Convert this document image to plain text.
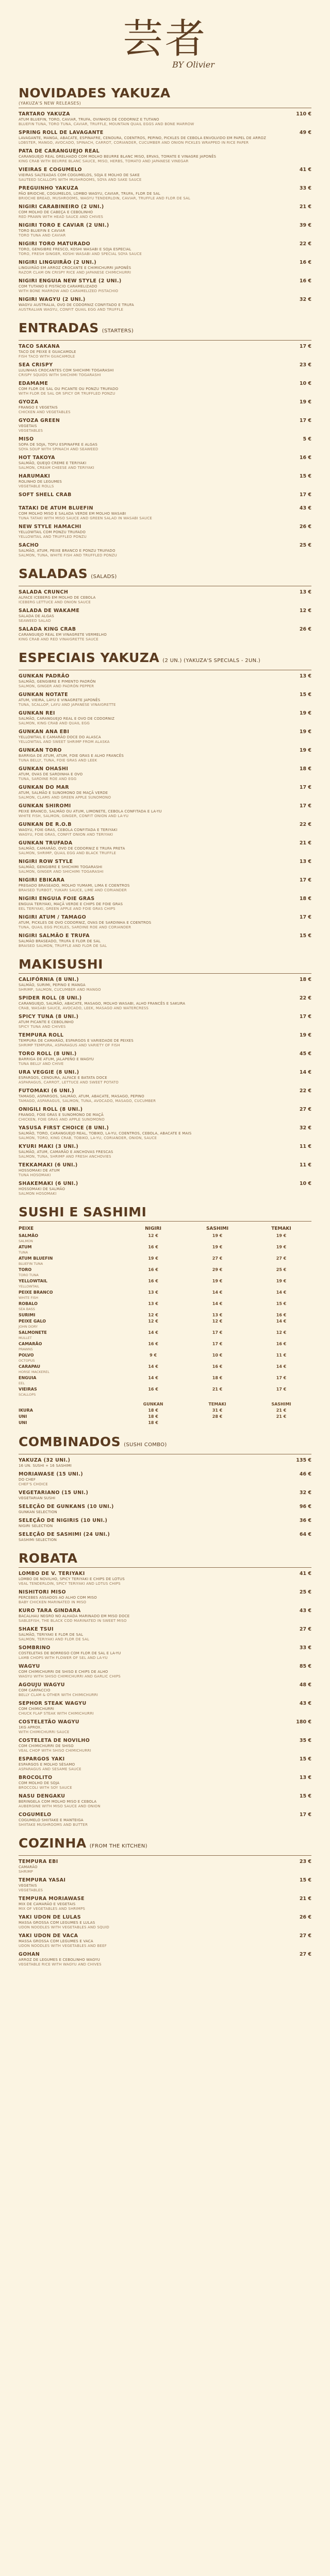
芸者
BY Olivier
NOVIDADES YAKUZA
(YAKUZA'S NEW RELEASES)
TARTARO YAKUZA
ATUM BLUEFIN, TORO, CAVIAR, TRUFA, OVINHOS DE CODORNIZ E TUTANO
BLUEFIN TUNA, TORO TUNA, CAVIAR, TRUFFLE, MOUNTAIN QUAIL EGGS AND BONE MARROW
110 €
SPRING ROLL DE LAVAGANTE
LAVAGANTE, MANGA, ABACATE, ESPINAFRE, CENOURA, COENTROS, PEPINO, PICKLES DE CEBOLA ENVOLVIDO EM PAPEL DE ARROZ
LOBSTER, MANGO, AVOCADO, SPINACH, CARROT, CORIANDER, CUCUMBER AND ONION PICKLES WRAPPED IN RICE PAPER
49 €
PATA DE CARANGUEJO REAL
CARANGUEJO REAL GRELHADO COM MOLHO BEURRE BLANC MISO, ERVAS, TOMATE E VINAGRE JAPONÊS
KING CRAB WITH BEURRE BLANC SAUCE, MISO, HERBS, TOMATO AND JAPANESE VINEGAR
VIEIRAS E COGUMELO
VIEIRAS SALTEADAS COM COGUMELOS, SOJA E MOLHO DE SAKE
SAUTEED SCALLOPS WITH MUSHROOMS, SOYA AND SAKE SAUCE
41 €
PREGUINHO YAKUZA
PÃO BRIOCHE, COGUMELOS, LOMBO WAGYU, CAVIAR, TRUFA, FLOR DE SAL
BRIOCHE BREAD, MUSHROOMS, WAGYU TENDERLOIN, CAVIAR, TRUFFLE AND FLOR DE SAL
33 €
NIGIRI CARABINEIRO (2 UNI.)
COM MOLHO DE CABEÇA E CEBOLINHO
RED PRAWN WITH HEAD SAUCE AND CHIVES
21 €
NIGIRI TORO E CAVIAR (2 UNI.)
TORO BLUEFIN E CAVIAR
TORO TUNA AND CAVIAR
39 €
NIGIRI TORO MATURADO
TORO, GENGIBRE FRESCO, KOSHI WASABI E SOJA ESPECIAL
TORO, FRESH GINGER, KOSHI WASABI AND SPECIAL SOYA SAUCE
22 €
NIGIRI LINGUIRÃO (2 UNI.)
LINGUIRÃO EM ARROZ CROCANTE E CHIMICHURRI JAPONÊS
RAZOR CLAM ON CRISPY RICE AND JAPANESE CHIMICHURRI
16 €
NIGIRI ENGUIA NEW STYLE (2 UNI.)
COM TUTANO E PISTÁCIO CARAMELIZADO
WITH BONE MARROW AND CARAMELIZED PISTACHIO
16 €
NIGIRI WAGYU (2 UNI.)
WAGYU AUSTRALIA, OVO DE CODORNIZ CONFITADO E TRUFA
AUSTRALIAN WAGYU, CONFIT QUAIL EGG AND TRUFFLE
32 €
ENTRADAS (STARTERS)
TACO SAKANA
TACO DE PEIXE E GUACAMOLE
FISH TACO WITH GUACAMOLE
17 €
SEA CRISPY
LULINHAS CROCANTES COM SHICHIMI TOGARASHI
CRISPY SQUIDS WITH SHICHIMI TOGARASHI
23 €
EDAMAME
COM FLOR DE SAL OU PICANTE OU PONZU TRUFADO
WITH FLOR DE SAL OR SPICY OR TRUFFLED PONZU
10 €
GYOZA
FRANGO E VEGETAIS
CHICKEN AND VEGETABLES
19 €
GYOZA GREEN
VEGETAIS
VEGETABLES
17 €
MISO
SOPA DE SOJA, TOFU ESPINAFRE E ALGAS
SOYA SOUP WITH SPINACH AND SEAWEED
5 €
HOT TAKOYA
SALMÃO, QUEIJO CREME E TERIYAKI
SALMON, CREAM CHEESE AND TERIYAKI
16 €
HARUMAKI
ROLINHO DE LEGUMES
VEGETABLE ROLLS
15 €
SOFT SHELL CRAB	17 €
TATAKI DE ATUM BLUEFIN
COM MOLHO MISO E SALADA VERDE EM MOLHO WASABI
TUNA TATAKI WITH MISO SAUCE AND GREEN SALAD IN WASABI SAUCE
43 €
NEW STYLE HAMACHI
YELLOWTAIL COM PONZU TRUFADO
YELLOWTAIL AND TRUFFLED PONZU
26 €
SACHO
SALMÃO, ATUM, PEIXE BRANCO E PONZU TRUFADO
SALMON, TUNA, WHITE FISH AND TRUFFLED PONZU
25 €
SALADAS (SALADS)
SALADA CRUNCH
ALFACE ICEBERG EM MOLHO DE CEBOLA
ICEBERG LETTUCE AND ONION SAUCE
13 €
SALADA DE WAKAME
SALADA DE ALGAS
SEAWEED SALAD
12 €
SALADA KING CRAB
CARANGUEJO REAL EM VINAGRETE VERMELHO
KING CRAB AND RED VINAIGRETTE SAUCE
26 €
ESPECIAIS YAKUZA (2 UN.) (YAKUZA'S SPECIALS - 2UN.)
GUNKAN PADRÃO
SALMÃO, GENGIBRE E PIMENTO PADRÓN
SALMON, GINGER AND PADRÓN PEPPER
13 €
GUNKAN NOTATE
ATUM, VIEIRA, LAYU E VINAGRETE JAPONÊS
TUNA, SCALLOP, LAYU AND JAPANESE VINAIGRETTE
15 €
GUNKAN REI
SALMÃO, CARANGUEJO REAL E OVO DE CODORNIZ
SALMON, KING CRAB AND QUAIL EGG
19 €
GUNKAN ANA EBI
YELLOWTAIL E CAMARÃO DOCE DO ALASCA
YELLOWTAIL AND SWEET SHRIMP FROM ALASKA
19 €
GUNKAN TORO
BARRIGA DE ATUM, ATUM, FOIE GRAS E ALHO FRANCÊS
TUNA BELLY, TUNA, FOIE GRAS AND LEEK
19 €
GUNKAN OHASHI
ATUM, OVAS DE SARDINHA E OVO
TUNA, SARDINE ROE AND EGG
18 €
GUNKAN DO MAR
ATUM, SALMÃO E SUNOMONO DE MAÇÃ VERDE
SALMON, CLAMS AND GREEN APPLE SUNOMONO
17 €
GUNKAN SHIROMI
PEIXE BRANCO, SALMÃO OU ATUM, LIMONETE, CEBOLA CONFITADA E LA-YU
WHITE FISH, SALMON, GINGER, CONFIT ONION AND LA-YU
17 €
GUNKAN DE R.O.B
WAGYU, FOIE GRAS, CEBOLA CONFITADA E TERIYAKI
WAGYU, FOIE GRAS, CONFIT ONION AND TERIYAKI
22 €
GUNKAN TRUFADA
SALMÃO, CAMARÃO, OVO DE CODORNIZ E TRUFA PRETA
SALMON, SHRIMP, QUAIL EGG AND BLACK TRUFFLE
21 €
NIGIRI ROW STYLE
SALMÃO, GENGIBRE E SHICHIMI TOGARASHI
SALMON, GINGER AND SHICHIMI TOGARASHI
13 €
NIGIRI EBIKARA
PREGADO BRASEADO, MOLHO YUMAMI, LIMA E COENTROS
BRAISED TURBOT, YUKARI SAUCE, LIME AND CORIANDER
17 €
NIGIRI ENGUIA FOIE GRAS
ENGUIA TERIYAKI, MAÇÃ VERDE E CHIPS DE FOIE GRAS
EEL TERIYAKI, GREEN APPLE AND FOIE GRAS CHIPS
18 €
NIGIRI ATUM / TAMAGO
ATUM, PICKLES DE OVO CODORNIZ, OVAS DE SARDINHA E COENTROS
TUNA, QUAIL EGG PICKLES, SARDINE ROE AND CORIANDER
17 €
NIGIRI SALMÃO E TRUFA
SALMÃO BRASEADO, TRUFA E FLOR DE SAL
BRAISED SALMON, TRUFFLE AND FLOR DE SAL
15 €
MAKISUSHI
CALIFÓRNIA (8 UNI.)
SALMÃO, SURIMI, PEPINO E MANGA
SHRIMP, SALMON, CUCUMBER AND MANGO
18 €
SPIDER ROLL (8 UNI.)
CARANGUEJO, SALMÃO, ABACATE, MASAGO, MOLHO WASABI, ALHO FRANCÊS E SAKURA
CRAB, WASABI SAUCE, AVOCADO, LEEK, MASAGO AND WATERCRESS
22 €
SPICY TUNA (8 UNI.)
ATUM PICANTE E CEBOLINHO
SPICY TUNA AND CHIVES
17 €
TEMPURA ROLL
TEMPURA DE CAMARÃO, ESPARGOS E VARIEDADE DE PEIXES
SHRIMP TEMPURA, ASPARAGUS AND VARIETY OF FISH
19 €
TORO ROLL (8 UNI.)
BARRIGA DE ATUM, JALAPEÑO E WAGYU
TUNA BELLY AND CHIVE
45 €
URA VEGGIE (8 UNI.)
ESPARGOS, CENOURA, ALFACE E BATATA DOCE
ASPARAGUS, CARROT, LETTUCE AND SWEET POTATO
14 €
FUTOMAKI (6 UNI.)
TAMAGO, ASPARGOS, SALMÃO, ATUM, ABACATE, MASAGO, PEPINO
TAMAGO, ASPARAGUS, SALMON, TUNA, AVOCADO, MASAGO, CUCUMBER
22 €
ONIGILI ROLL (8 UNI.)
FRANGO, FOIE GRAS E SUNOMONO DE MAÇÃ
CHICKEN, FOIE GRAS AND APPLE SUNOMONO
27 €
YASUSA FIRST CHOICE (8 UNI.)
SALMÃO, TORO, CARANGUEJO REAL, TOBIKO, LA-YU, COENTROS, CEBOLA, ABACATE E MAIS
SALMON, TORO, KING CRAB, TOBIKO, LA-YU, CORIANDER, ONION, SAUCE
32 €
KYURI MAKI (3 UNI.)
SALMÃO, ATUM, CAMARÃO E ANCHOVAS FRESCAS
SALMON, TUNA, SHRIMP AND FRESH ANCHOVIES
11 €
TEKKAMAKI (6 UNI.)
HOSSOMAKI DE ATUM
TUNA HOSOMAKI
11 €
SHAKEMAKI (6 UNI.)
HOSSOMAKI DE SALMÃO
SALMON HOSOMAKI
10 €
SUSHI E SASHIMI
PEIXE	NIGIRI	SASHIMI	TEMAKI

SALMÃO
SALMON	12 €	19 €	19 €

ATUM
TUNA	16 €	19 €	19 €

ATUM BLUEFIN
BLUEFIN TUNA	19 €	27 €	27 €

TORO
TORO TUNA	16 €	29 €	25 €

YELLOWTAIL
YELLOWTAIL	16 €	19 €	19 €

PEIXE BRANCO
WHITE FISH	13 €	14 €	14 €

ROBALO
SEA BASS	13 €	14 €	15 €

SURIMI	12 €	13 €	16 €

PEIXE GALO
JOHN DORY	12 €	12 €	14 €

SALMONETE
MULLET	14 €	17 €	12 €

CAMARÃO
PRAWNS	16 €	17 €	16 €

POLVO
OCTOPUS	9 €	10 €	11 €

CARAPAU
HORSE MACKEREL	14 €	16 €	14 €

ENGUIA
EEL	14 €	18 €	17 €

VIEIRAS
SCALLOPS	16 €	21 €	17 €
	GUNKAN	TEMAKI	SASHIMI
IKURA	18 €	31 €	21 €
UNI	18 €	28 €	21 €
UNI	18 €		
COMBINADOS (SUSHI COMBO)
YAKUZA (32 UNI.)
16 UN. SUSHI + 16 SASHIMI
135 €
MORIAWASE (15 UNI.)
DO CHEF
CHEF'S CHOICE
46 €
VEGETARIANO (15 UNI.)
VEGETARIAN SUSHI
32 €
SELEÇÃO DE GUNKANS (10 UNI.)
GUNKAN SELECTION
96 €
SELEÇÃO DE NIGIRIS (10 UNI.)
NIGIRI SELECTION
36 €
SELEÇÃO DE SASHIMI (24 UNI.)
SASHIMI SELECTION
64 €
ROBATA
LOMBO DE V. TERIYAKI
LOMBO DE NOVILHO, SPICY TERIYAKI E CHIPS DE LOTUS
VEAL TENDERLOIN, SPICY TERIYAKI AND LOTUS CHIPS
41 €
NISHITORI MISO
PERCEBES ASSADOS AO ALHO COM MISO
BABY CHICKEN MARINATED IN MISO
25 €
KURO TARA GINDARA
BACALHAU NEGRO NO ALHADA MARINADO EM MISO DOCE
SABLEFISH, THE BLACK COD MARINATED IN SWEET MISO
43 €
SHAKE TSUI
SALMÃO, TERIYAKI E FLOR DE SAL
SALMON, TERIYAKI AND FLOR DE SAL
27 €
SOMBRINO
COSTELETAS DE BORREGO COM FLOR DE SAL E LA-YU
LAMB CHOPS WITH FLOWER OF SEL AND LA-YU
33 €
WAGYU
COM CHIMICHURRI DE SHISO E CHIPS DE ALHO
WAGYU WITH SHISO CHIMICHURRI AND GARLIC CHIPS
85 €
AGOUJU WAGYU
COM CARPACCIO
BELLY CLAM & OTHER WITH CHIMICHURRI
48 €
SEPHOR STEAK WAGYU
COM CHIMICHURRI
CHUCK FLAP STEAK WITH CHIMICHURRI
43 €
COSTELETÃO WAGYU
1KG APROX.
WITH CHIMICHURRI SAUCE
180 €
COSTELETA DE NOVILHO
COM CHIMICHURRI DE SHISO
VEAL CHOP WITH SHISO CHIMICHURRI
35 €
ESPARGOS YAKI
ESPARGOS E MOLHO SÉSAMO
ASPARAGUS AND SESAME SAUCE
15 €
BROCOLITO
COM MOLHO DE SOJA
BROCCOLI WITH SOY SAUCE
13 €
NASU DENGAKU
BERINGELA COM MOLHO MISO E CEBOLA
AUBERGINE WITH MISO SAUCE AND ONION
15 €
COGUMELO
COGUMELO SHIITAKE E MANTEIGA
SHIITAKE MUSHROOMS AND BUTTER
17 €
COZINHA (FROM THE KITCHEN)
TEMPURA EBI
CAMARÃO
SHRIMP
23 €
TEMPURA YASAI
VEGETAIS
VEGETABLES
15 €
TEMPURA MORIAWASE
MIX DE CAMARÃO E VEGETAIS
MIX OF VEGETABLES AND SHRIMPS
21 €
YAKI UDON DE LULAS
MASSA GROSSA COM LEGUMES E LULAS
UDON NOODLES WITH VEGETABLES AND SQUID
26 €
YAKI UDON DE VACA
MASSA GROSSA COM LEGUMES E VACA
UDON NOODLES WITH VEGETABLES AND BEEF
27 €
GOHAN
ARROZ DE LEGUMES E CEBOLINHO WAGYU
VEGETABLE RICE WITH WAGYU AND CHIVES
27 €
